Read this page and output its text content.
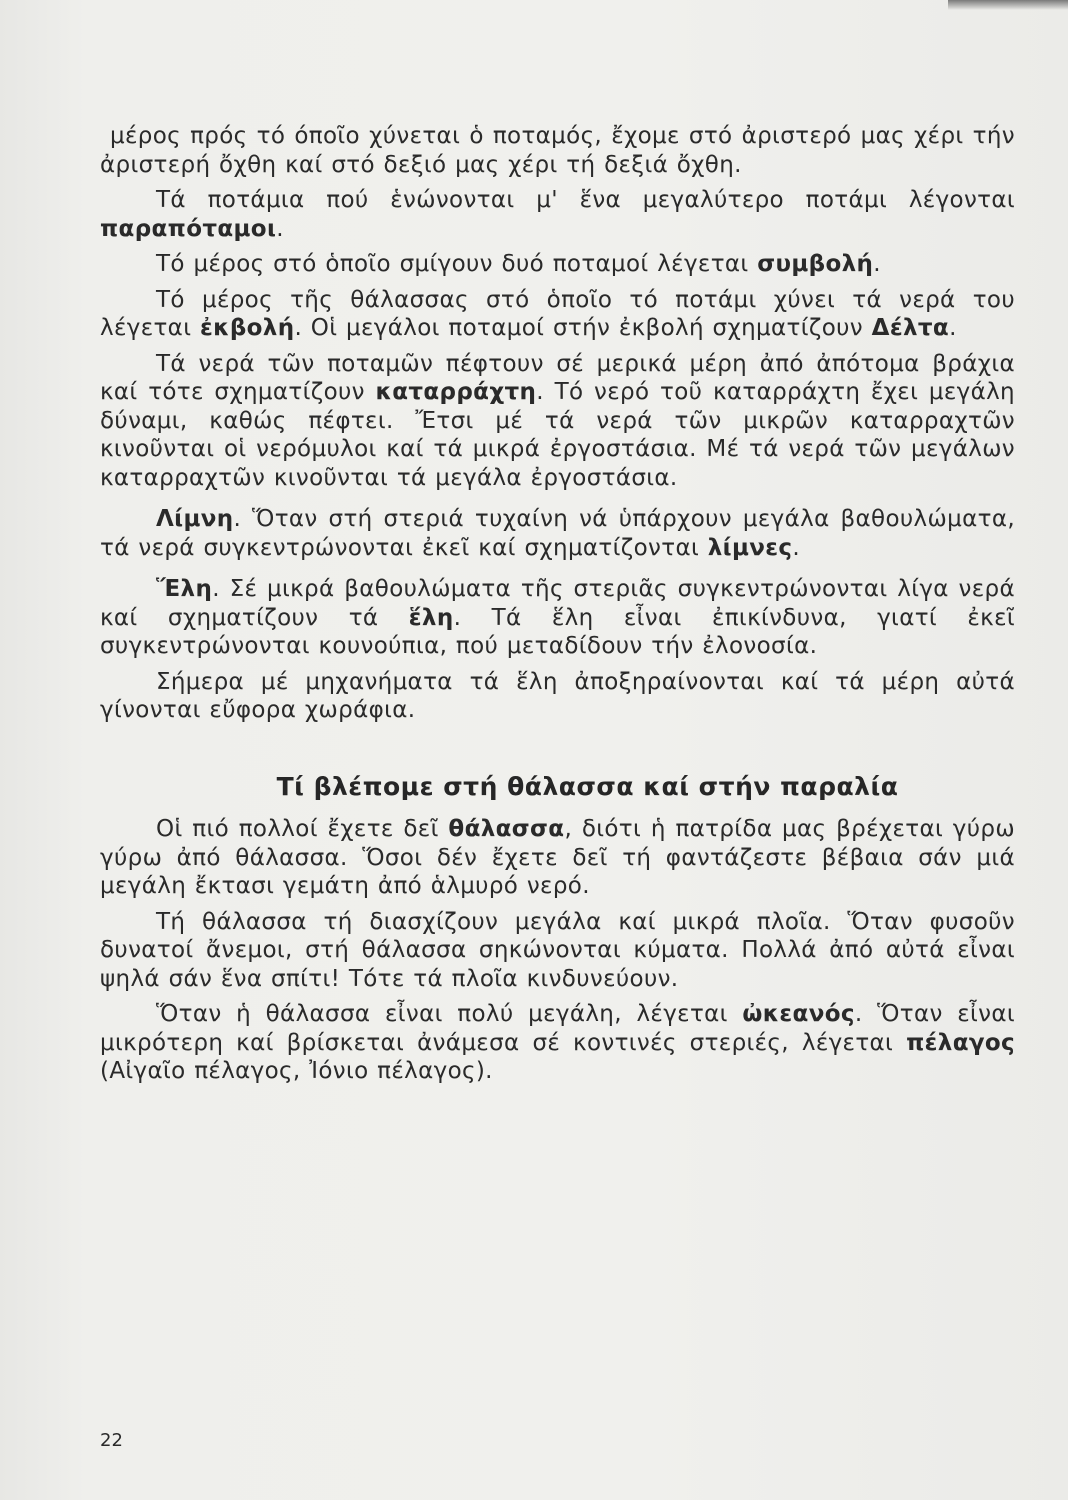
μέρος πρός τό όποῖο χύνεται ὁ ποταμός, ἔχομε στό ἀριστερό μας χέρι τήν ἀριστερή ὄχθη καί στό δεξιό μας χέρι τή δεξιά ὄχθη.

Τά ποτάμια πού ἑνώνονται μ' ἕνα μεγαλύτερο ποτάμι λέγονται παραπόταμοι.

Τό μέρος στό ὁποῖο σμίγουν δυό ποταμοί λέγεται συμβολή.

Τό μέρος τῆς θάλασσας στό ὁποῖο τό ποτάμι χύνει τά νερά του λέγεται ἐκβολή. Οἱ μεγάλοι ποταμοί στήν ἐκβολή σχηματίζουν Δέλτα.

Τά νερά τῶν ποταμῶν πέφτουν σέ μερικά μέρη ἀπό ἀπότομα βράχια καί τότε σχηματίζουν καταρράχτη. Τό νερό τοῦ καταρράχτη ἔχει μεγάλη δύναμι, καθώς πέφτει. Ἔτσι μέ τά νερά τῶν μικρῶν καταρραχτῶν κινοῦνται οἱ νερόμυλοι καί τά μικρά ἐργοστάσια. Μέ τά νερά τῶν μεγάλων καταρραχτῶν κινοῦνται τά μεγάλα ἐργοστάσια.

Λίμνη. Ὅταν στή στεριά τυχαίνη νά ὑπάρχουν μεγάλα βαθουλώματα, τά νερά συγκεντρώνονται ἐκεῖ καί σχηματίζονται λίμνες.

Ἕλη. Σέ μικρά βαθουλώματα τῆς στεριᾶς συγκεντρώνονται λίγα νερά καί σχηματίζουν τά ἕλη. Τά ἕλη εἶναι ἐπικίνδυνα, γιατί ἐκεῖ συγκεντρώνονται κουνούπια, πού μεταδίδουν τήν ἐλονοσία.

Σήμερα μέ μηχανήματα τά ἕλη ἀποξηραίνονται καί τά μέρη αὐτά γίνονται εὔφορα χωράφια.

Τί βλέπομε στή θάλασσα καί στήν παραλία

Οἱ πιό πολλοί ἔχετε δεῖ θάλασσα, διότι ἡ πατρίδα μας βρέχεται γύρω γύρω ἀπό θάλασσα. Ὅσοι δέν ἔχετε δεῖ τή φαντάζεστε βέβαια σάν μιά μεγάλη ἔκτασι γεμάτη ἀπό ἁλμυρό νερό.

Τή θάλασσα τή διασχίζουν μεγάλα καί μικρά πλοῖα. Ὅταν φυσοῦν δυνατοί ἄνεμοι, στή θάλασσα σηκώνονται κύματα. Πολλά ἀπό αὐτά εἶναι ψηλά σάν ἕνα σπίτι! Τότε τά πλοῖα κινδυνεύουν.

Ὅταν ἡ θάλασσα εἶναι πολύ μεγάλη, λέγεται ὠκεανός. Ὅταν εἶναι μικρότερη καί βρίσκεται ἀνάμεσα σέ κοντινές στεριές, λέγεται πέλαγος (Αἰγαῖο πέλαγος, Ἰόνιο πέλαγος).

22
